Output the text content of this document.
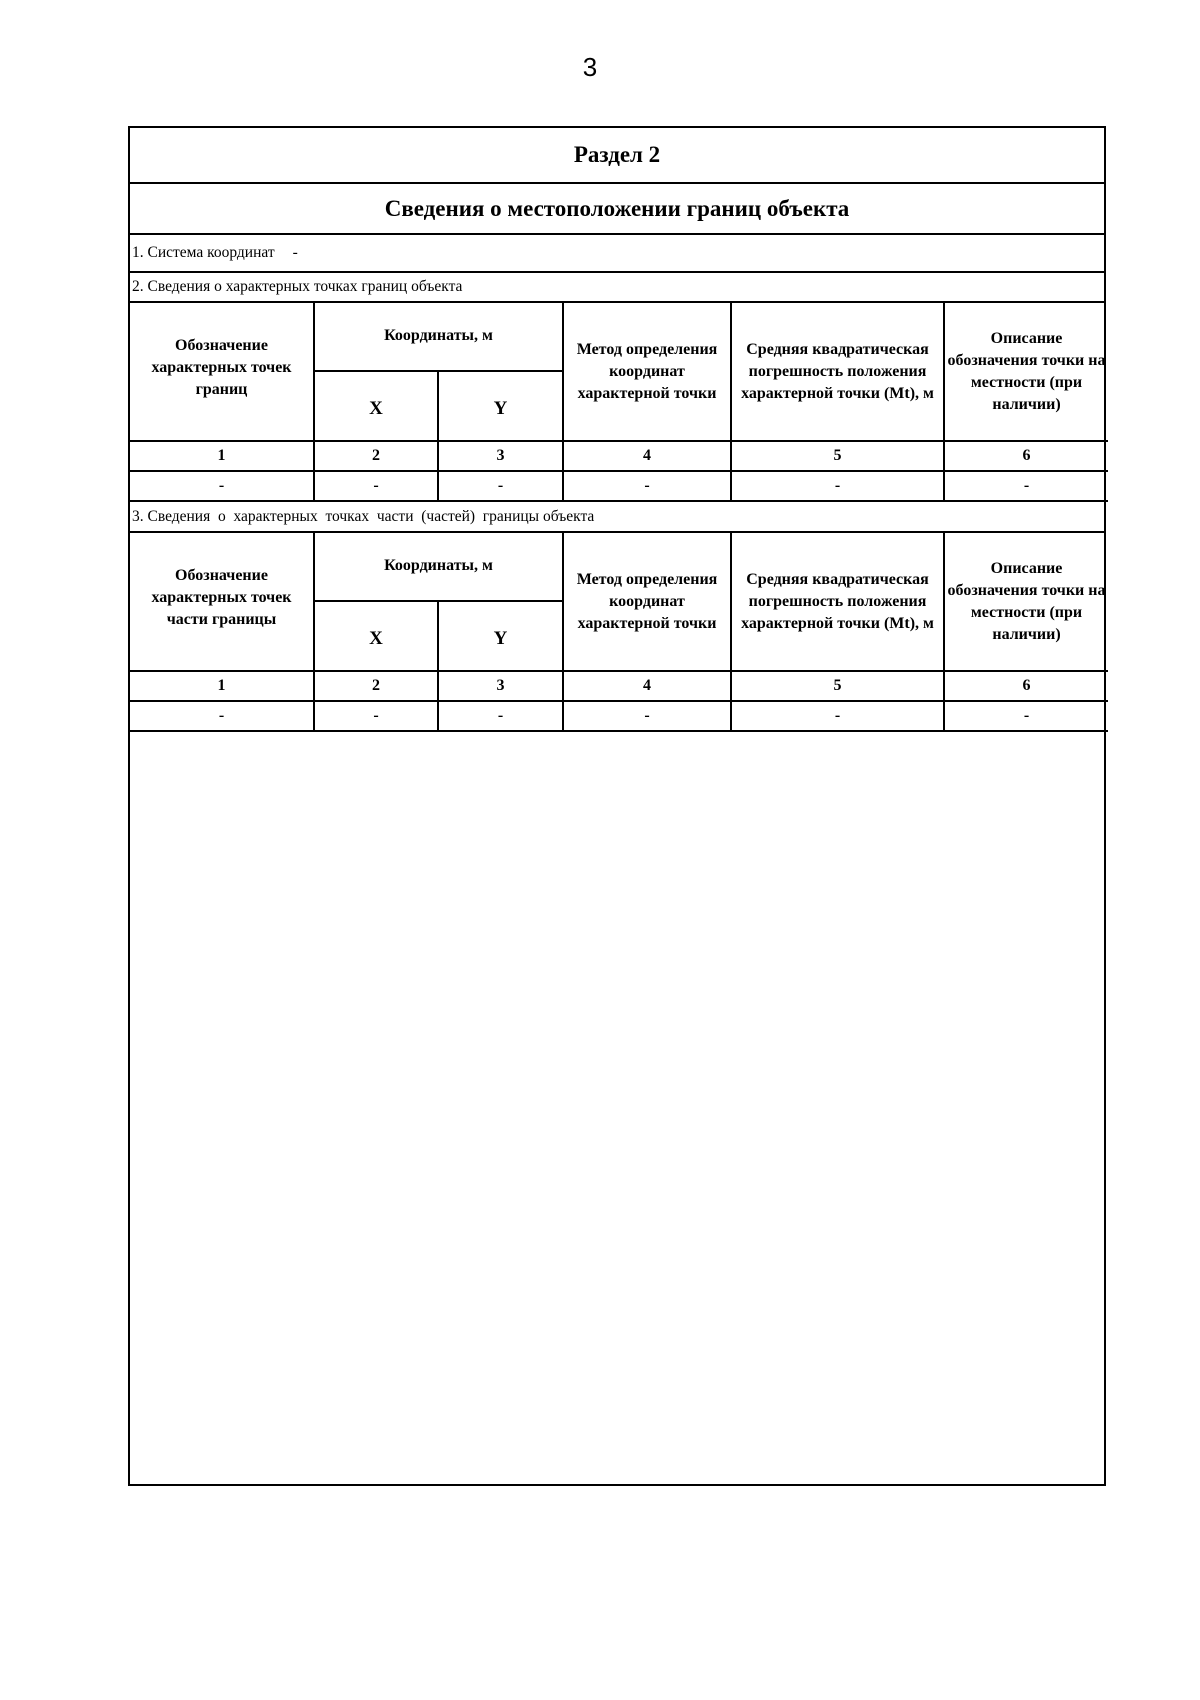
3
Раздел 2
Сведения о местоположении границ объекта
1. Система координат -
2. Сведения о характерных точках границ объекта
Обозначение характерных точек границ	Координаты, м		Метод определения координат характерной точки	Средняя квадратическая погрешность положения характерной точки (Mt), м	Описание обозначения точки на местности (при наличии)
	X	Y			
1	2	3	4	5	6
-	-	-	-	-	-
3. Сведения  о  характерных  точках  части  (частей)  границы объекта
Обозначение характерных точек части границы	Координаты, м		Метод определения координат характерной точки	Средняя квадратическая погрешность положения характерной точки (Mt), м	Описание обозначения точки на местности (при наличии)
	X	Y			
1	2	3	4	5	6
-	-	-	-	-	-
